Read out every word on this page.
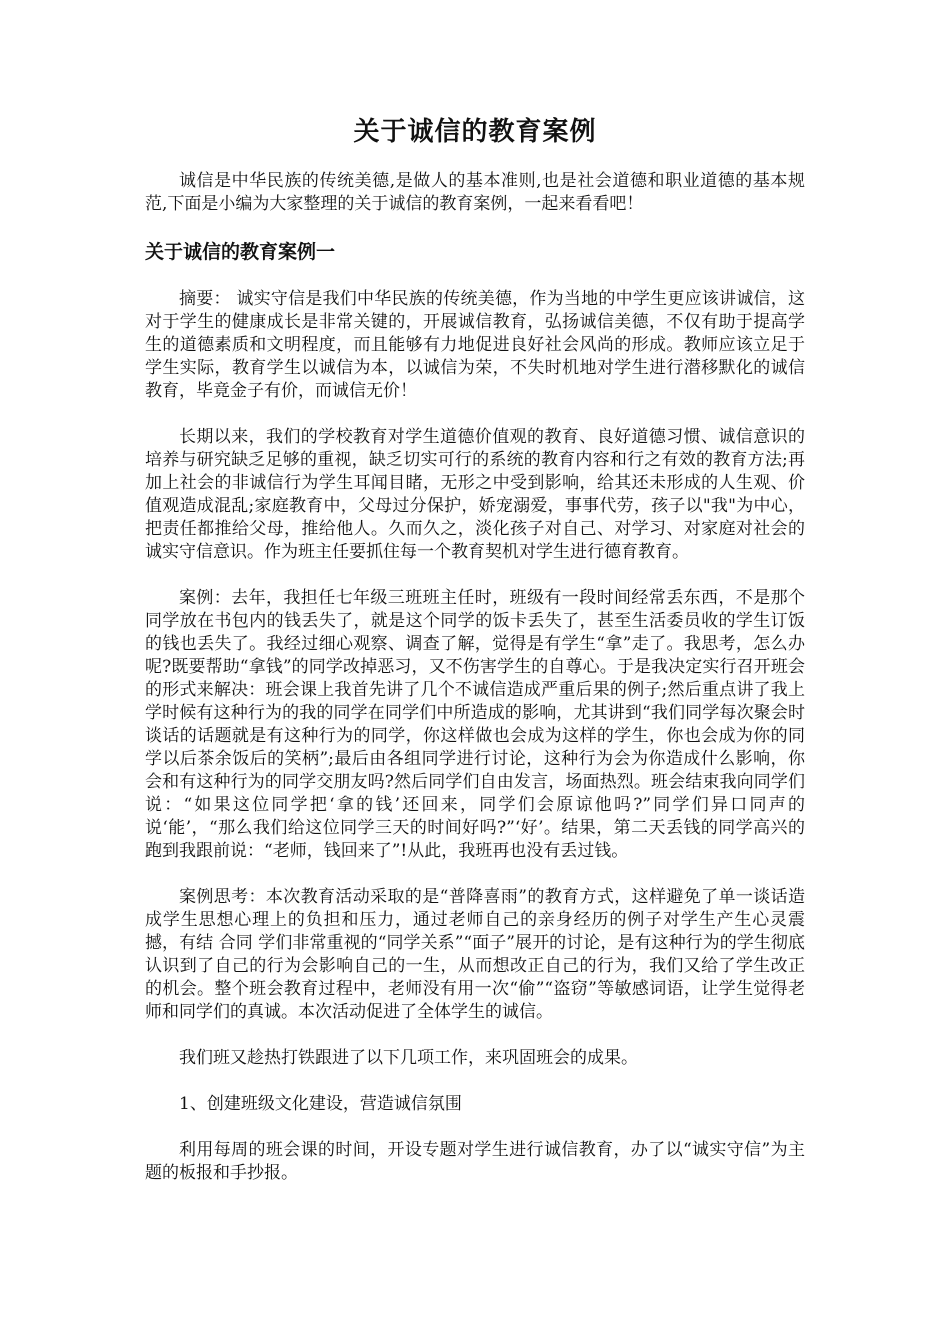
关于诚信的教育案例

诚信是中华民族的传统美德,是做人的基本准则,也是社会道德和职业道德的基本规范,下面是小编为大家整理的关于诚信的教育案例，一起来看看吧！

关于诚信的教育案例一

摘要： 诚实守信是我们中华民族的传统美德，作为当地的中学生更应该讲诚信，这对于学生的健康成长是非常关键的，开展诚信教育，弘扬诚信美德，不仅有助于提高学生的道德素质和文明程度，而且能够有力地促进良好社会风尚的形成。教师应该立足于学生实际，教育学生以诚信为本，以诚信为荣，不失时机地对学生进行潜移默化的诚信教育，毕竟金子有价，而诚信无价！

长期以来，我们的学校教育对学生道德价值观的教育、良好道德习惯、诚信意识的培养与研究缺乏足够的重视，缺乏切实可行的系统的教育内容和行之有效的教育方法;再加上社会的非诚信行为学生耳闻目睹，无形之中受到影响，给其还未形成的人生观、价值观造成混乱;家庭教育中，父母过分保护，娇宠溺爱，事事代劳，孩子以"我"为中心，把责任都推给父母，推给他人。久而久之，淡化孩子对自己、对学习、对家庭对社会的诚实守信意识。作为班主任要抓住每一个教育契机对学生进行德育教育。

案例：去年，我担任七年级三班班主任时，班级有一段时间经常丢东西，不是那个同学放在书包内的钱丢失了，就是这个同学的饭卡丢失了，甚至生活委员收的学生订饭的钱也丢失了。我经过细心观察、调查了解，觉得是有学生“拿”走了。我思考，怎么办呢?既要帮助“拿钱”的同学改掉恶习，又不伤害学生的自尊心。于是我决定实行召开班会的形式来解决：班会课上我首先讲了几个不诚信造成严重后果的例子;然后重点讲了我上学时候有这种行为的我的同学在同学们中所造成的影响，尤其讲到“我们同学每次聚会时谈话的话题就是有这种行为的同学，你这样做也会成为这样的学生，你也会成为你的同学以后茶余饭后的笑柄”;最后由各组同学进行讨论，这种行为会为你造成什么影响，你会和有这种行为的同学交朋友吗?然后同学们自由发言，场面热烈。班会结束我向同学们说：“如果这位同学把‘拿的钱’还回来，同学们会原谅他吗?”同学们异口同声的说‘能’，“那么我们给这位同学三天的时间好吗?”‘好’。结果，第二天丢钱的同学高兴的跑到我跟前说：“老师，钱回来了”!从此，我班再也没有丢过钱。

案例思考：本次教育活动采取的是“普降喜雨”的教育方式，这样避免了单一谈话造成学生思想心理上的负担和压力，通过老师自己的亲身经历的例子对学生产生心灵震撼，有结 合同 学们非常重视的“同学关系”“面子”展开的讨论，是有这种行为的学生彻底认识到了自己的行为会影响自己的一生，从而想改正自己的行为，我们又给了学生改正的机会。整个班会教育过程中，老师没有用一次“偷”“盗窃”等敏感词语，让学生觉得老师和同学们的真诚。本次活动促进了全体学生的诚信。

我们班又趁热打铁跟进了以下几项工作，来巩固班会的成果。

1、创建班级文化建设，营造诚信氛围

利用每周的班会课的时间，开设专题对学生进行诚信教育，办了以“诚实守信”为主题的板报和手抄报。
